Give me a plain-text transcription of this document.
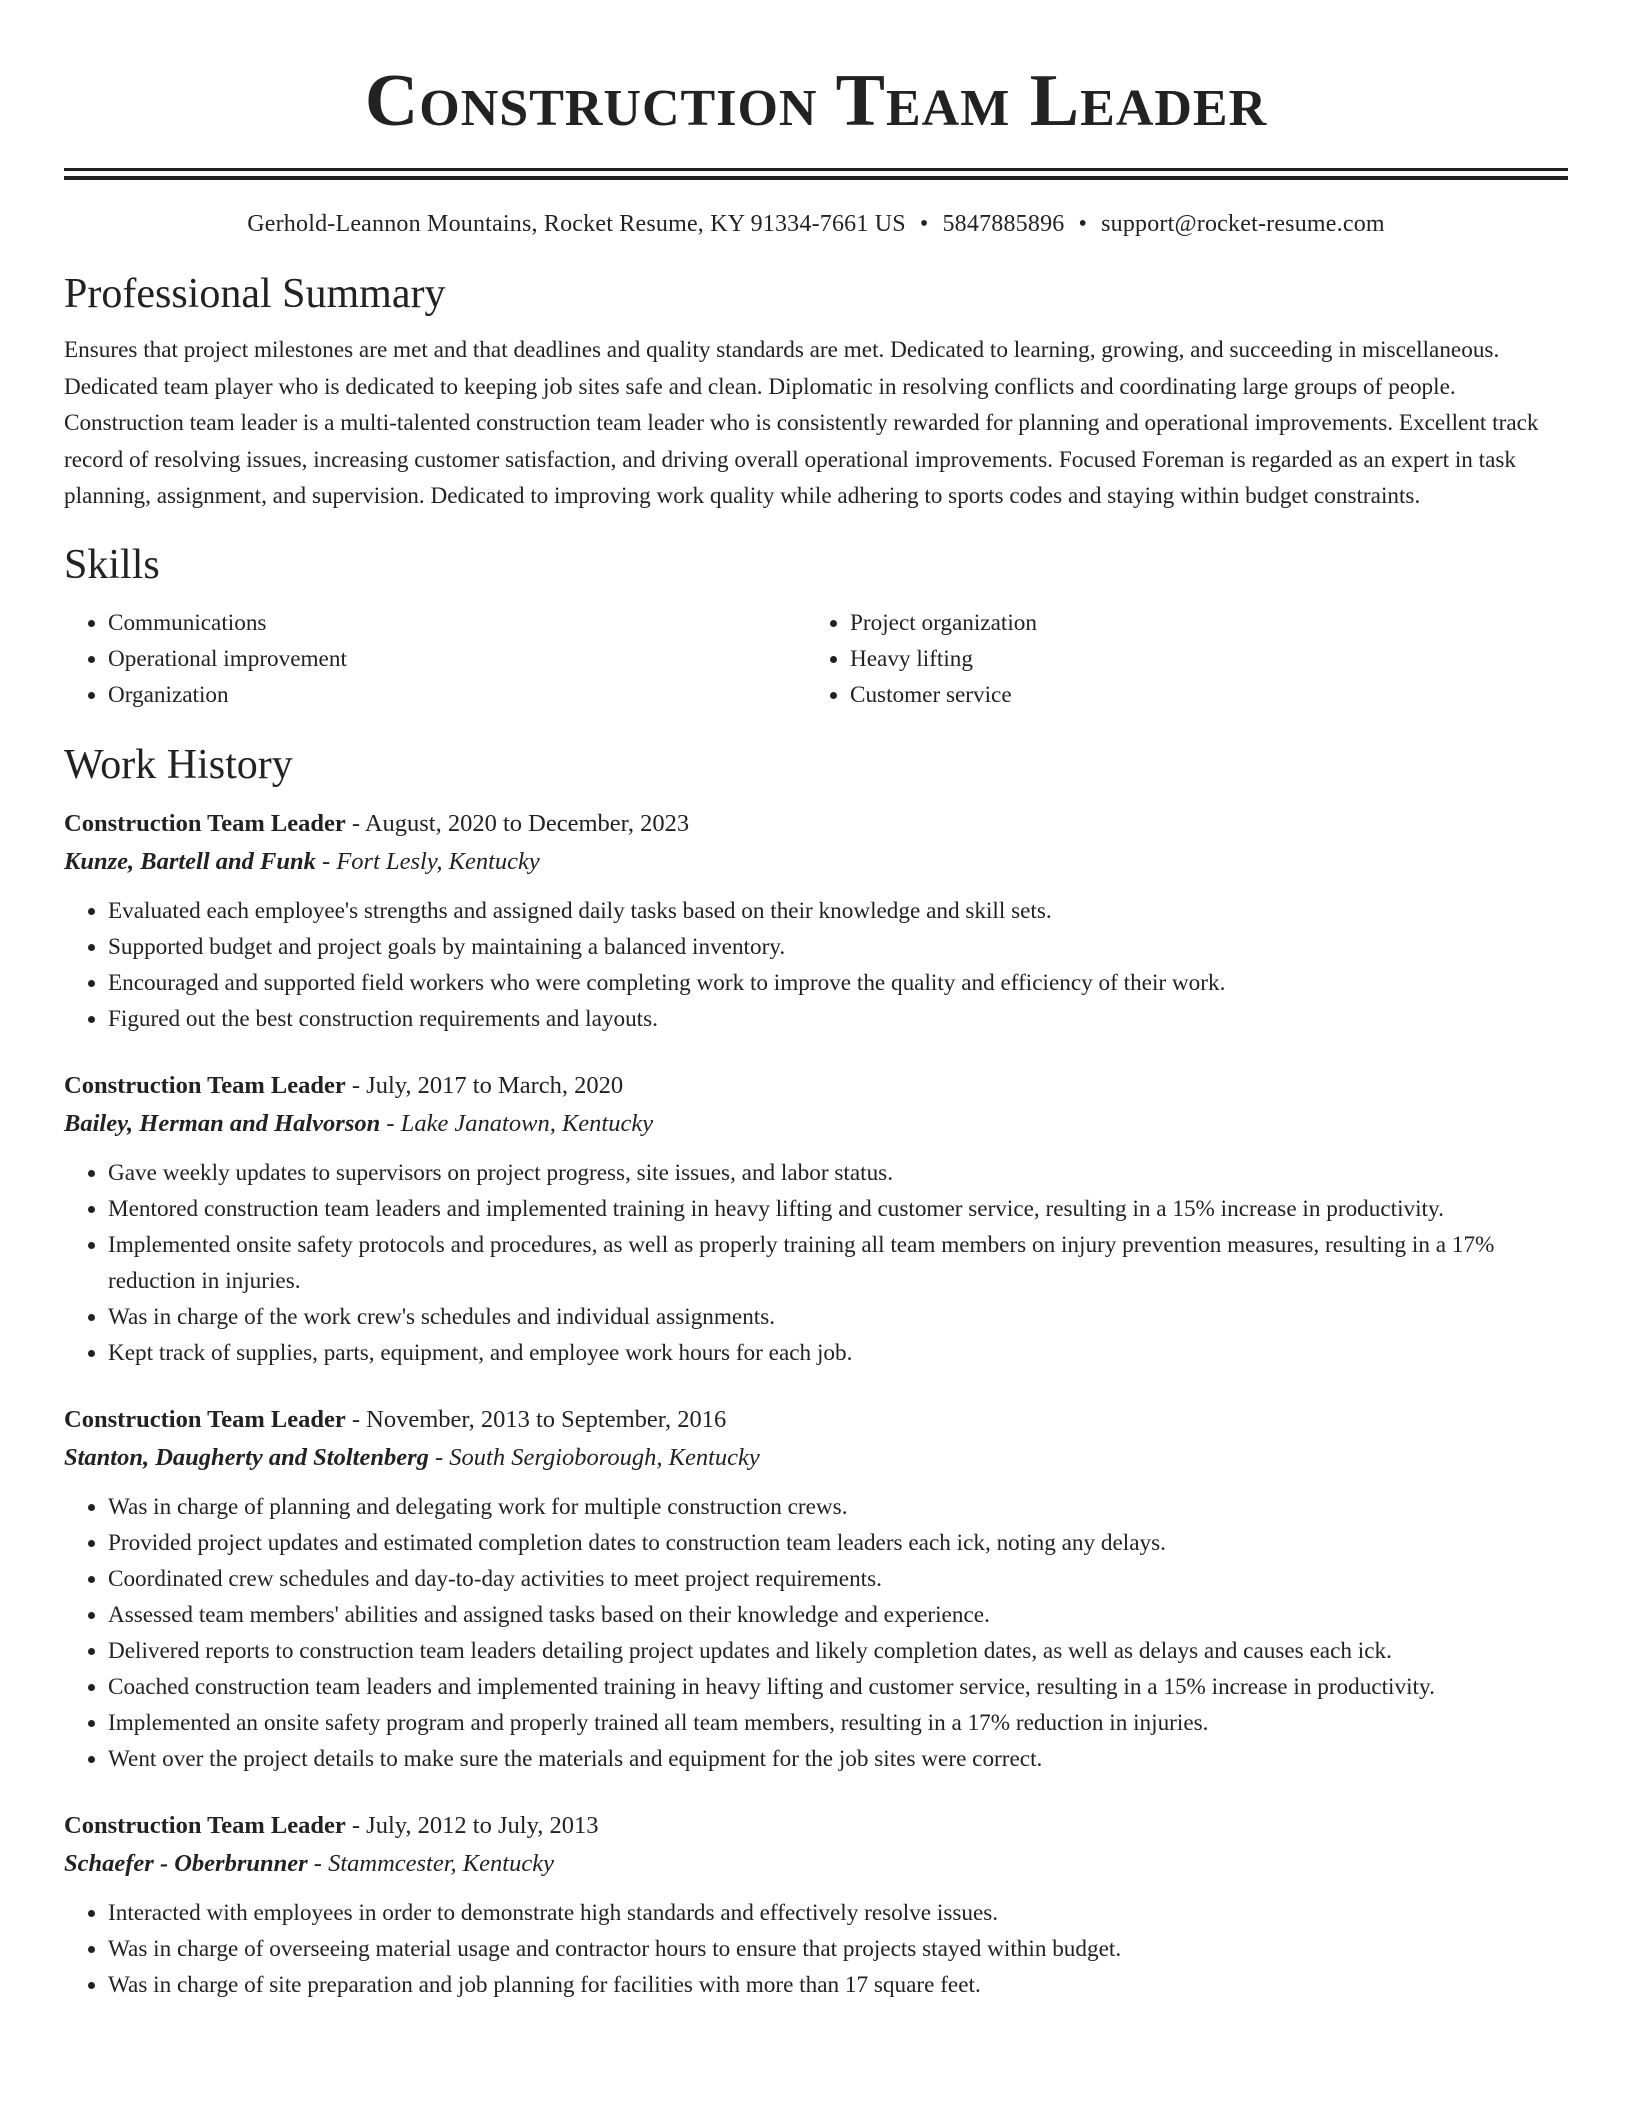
Construction Team Leader
Gerhold-Leannon Mountains, Rocket Resume, KY 91334-7661 US • 5847885896 • support@rocket-resume.com
Professional Summary

Ensures that project milestones are met and that deadlines and quality standards are met. Dedicated to learning, growing, and succeeding in miscellaneous. Dedicated team player who is dedicated to keeping job sites safe and clean. Diplomatic in resolving conflicts and coordinating large groups of people. Construction team leader is a multi-talented construction team leader who is consistently rewarded for planning and operational improvements. Excellent track record of resolving issues, increasing customer satisfaction, and driving overall operational improvements. Focused Foreman is regarded as an expert in task planning, assignment, and supervision. Dedicated to improving work quality while adhering to sports codes and staying within budget constraints.

Skills
• Communications
• Operational improvement
• Organization
• Project organization
• Heavy lifting
• Customer service
Work History
Construction Team Leader - August, 2020 to December, 2023
Kunze, Bartell and Funk - Fort Lesly, Kentucky
• Evaluated each employee's strengths and assigned daily tasks based on their knowledge and skill sets.
• Supported budget and project goals by maintaining a balanced inventory.
• Encouraged and supported field workers who were completing work to improve the quality and efficiency of their work.
• Figured out the best construction requirements and layouts.
Construction Team Leader - July, 2017 to March, 2020
Bailey, Herman and Halvorson - Lake Janatown, Kentucky
• Gave weekly updates to supervisors on project progress, site issues, and labor status.
• Mentored construction team leaders and implemented training in heavy lifting and customer service, resulting in a 15% increase in productivity.
• Implemented onsite safety protocols and procedures, as well as properly training all team members on injury prevention measures, resulting in a 17% reduction in injuries.
• Was in charge of the work crew's schedules and individual assignments.
• Kept track of supplies, parts, equipment, and employee work hours for each job.
Construction Team Leader - November, 2013 to September, 2016
Stanton, Daugherty and Stoltenberg - South Sergioborough, Kentucky
• Was in charge of planning and delegating work for multiple construction crews.
• Provided project updates and estimated completion dates to construction team leaders each ick, noting any delays.
• Coordinated crew schedules and day-to-day activities to meet project requirements.
• Assessed team members' abilities and assigned tasks based on their knowledge and experience.
• Delivered reports to construction team leaders detailing project updates and likely completion dates, as well as delays and causes each ick.
• Coached construction team leaders and implemented training in heavy lifting and customer service, resulting in a 15% increase in productivity.
• Implemented an onsite safety program and properly trained all team members, resulting in a 17% reduction in injuries.
• Went over the project details to make sure the materials and equipment for the job sites were correct.
Construction Team Leader - July, 2012 to July, 2013
Schaefer - Oberbrunner - Stammcester, Kentucky
• Interacted with employees in order to demonstrate high standards and effectively resolve issues.
• Was in charge of overseeing material usage and contractor hours to ensure that projects stayed within budget.
• Was in charge of site preparation and job planning for facilities with more than 17 square feet.
